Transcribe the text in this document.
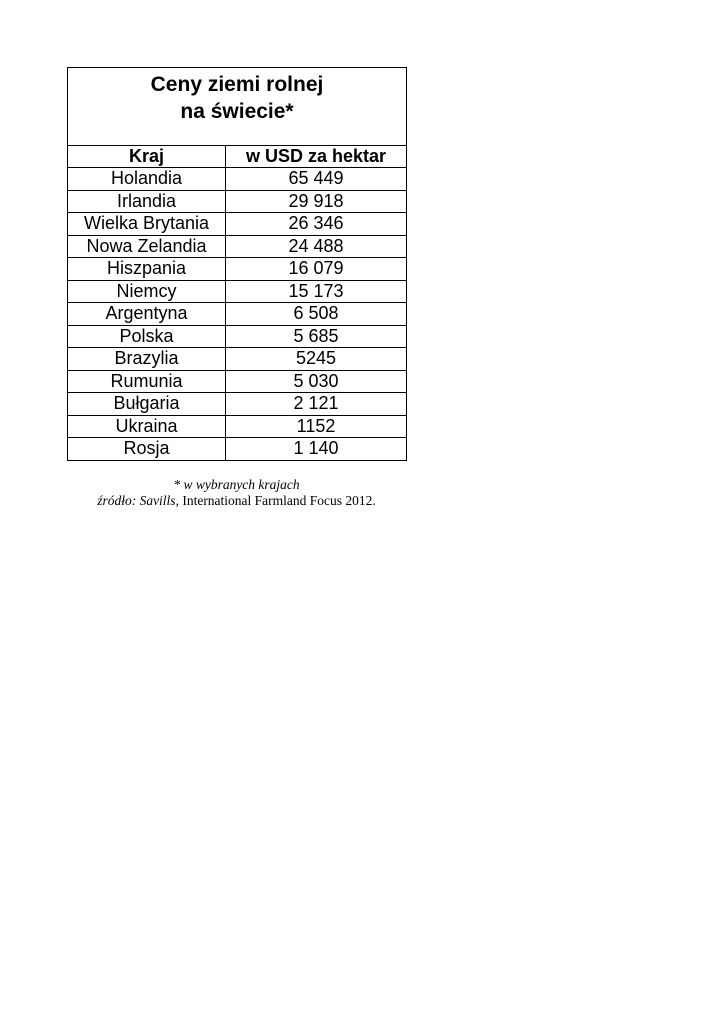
Ceny ziemi rolnej
na świecie*	

Kraj	w USD za hektar
Holandia	65 449
Irlandia	29 918
Wielka Brytania	26 346
Nowa Zelandia	24 488
Hiszpania	16 079
Niemcy	15 173
Argentyna	6 508
Polska	5 685
Brazylia	5245
Rumunia	5 030
Bułgaria	2 121
Ukraina	1152
Rosja	1 140
* w wybranych krajach
źródło: Savills, International Farmland Focus 2012.
